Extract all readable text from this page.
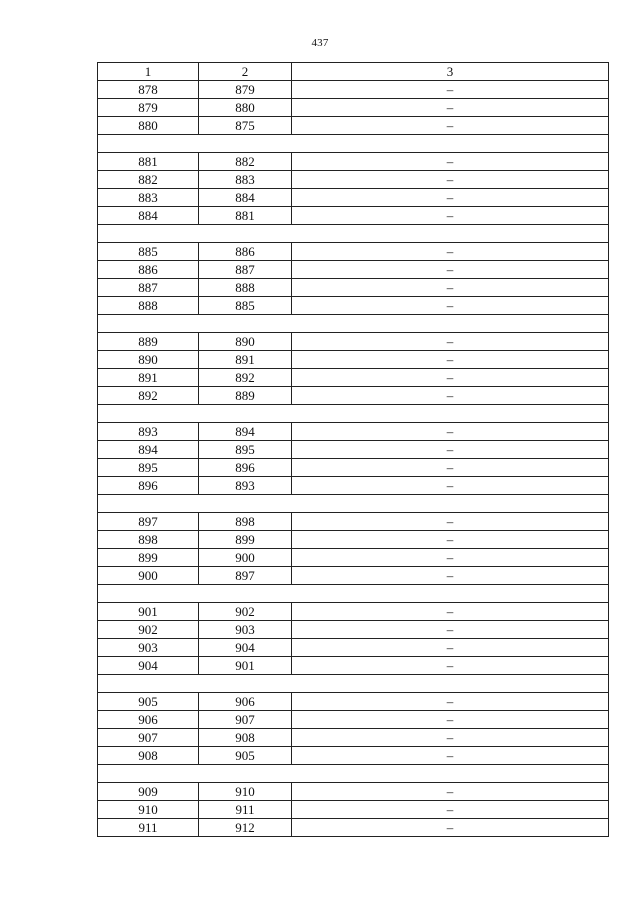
437
1	2	3
878	879	–
879	880	–
880	875	–

881	882	–
882	883	–
883	884	–
884	881	–

885	886	–
886	887	–
887	888	–
888	885	–

889	890	–
890	891	–
891	892	–
892	889	–

893	894	–
894	895	–
895	896	–
896	893	–

897	898	–
898	899	–
899	900	–
900	897	–

901	902	–
902	903	–
903	904	–
904	901	–

905	906	–
906	907	–
907	908	–
908	905	–

909	910	–
910	911	–
911	912	–
